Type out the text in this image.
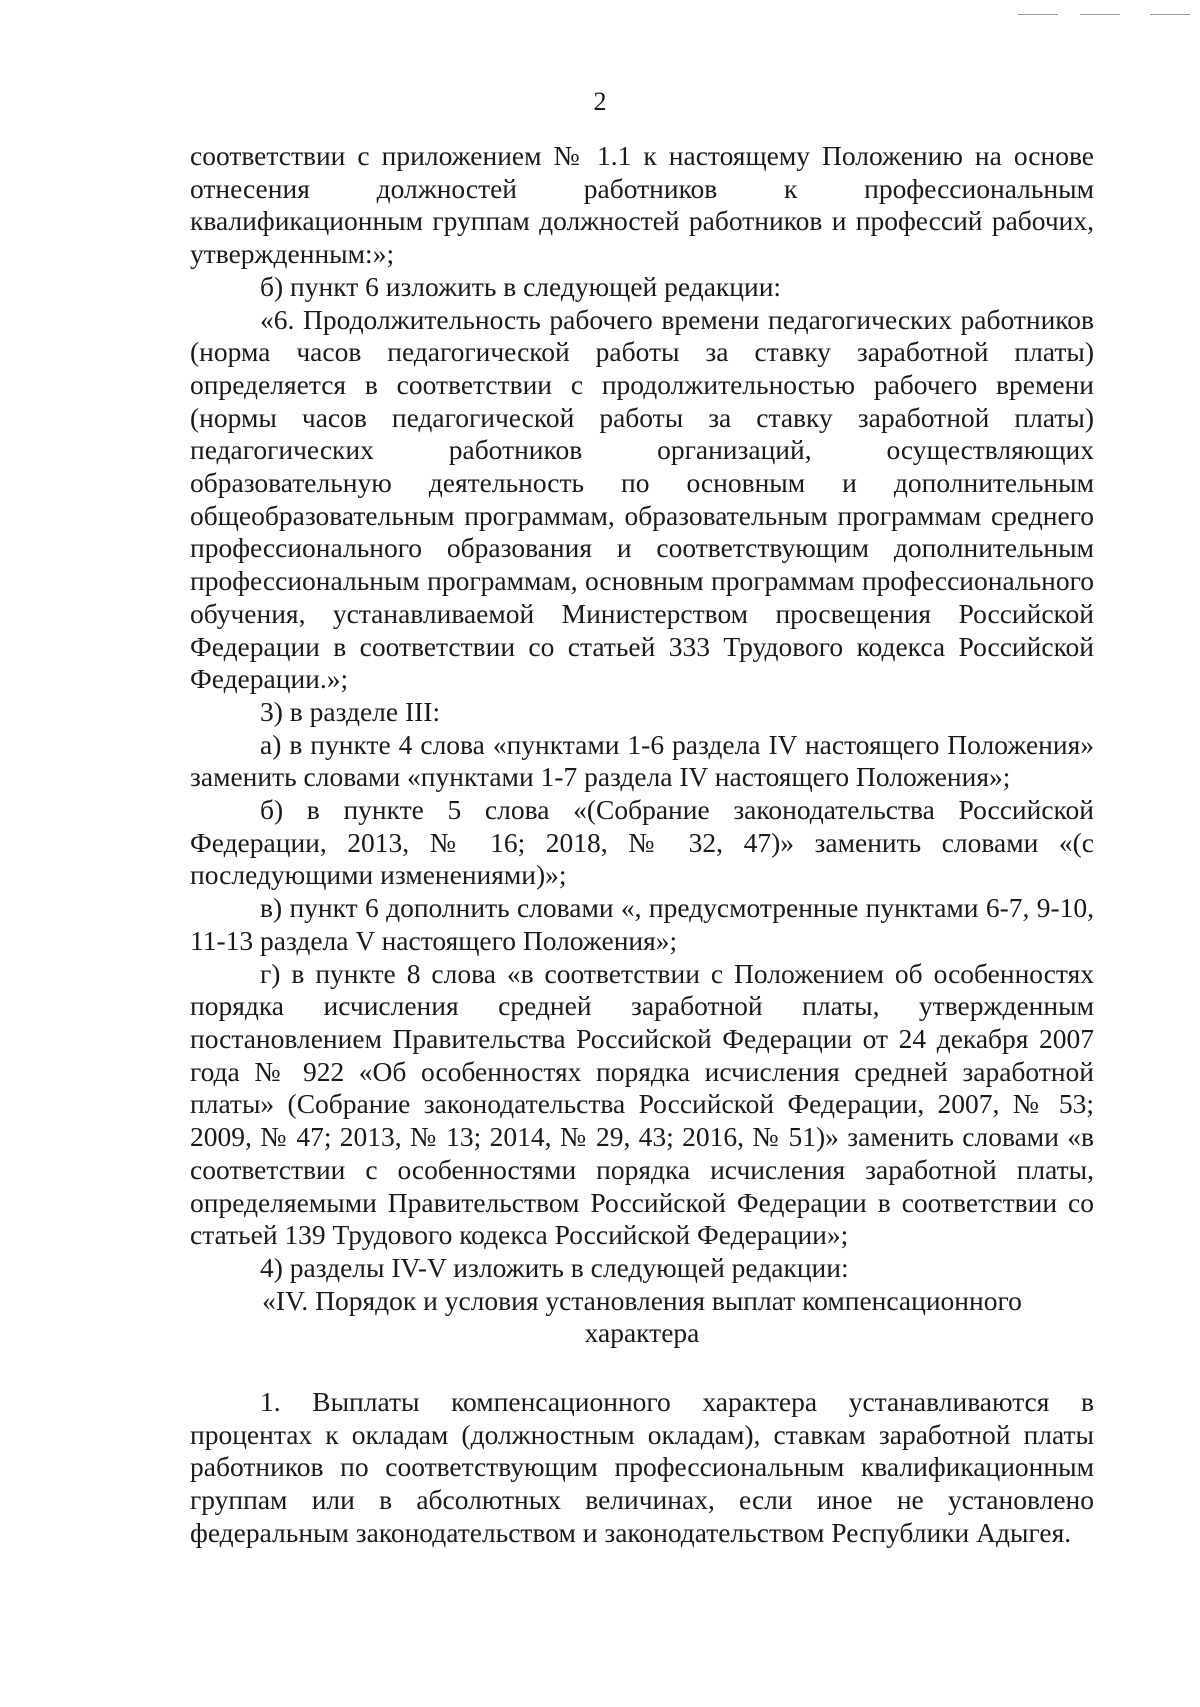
2

соответствии с приложением № 1.1 к настоящему Положению на основе отнесения должностей работников к профессиональным квалификационным группам должностей работников и профессий рабочих, утвержденным:»;

б) пункт 6 изложить в следующей редакции:

«6. Продолжительность рабочего времени педагогических работников (норма часов педагогической работы за ставку заработной платы) определяется в соответствии с продолжительностью рабочего времени (нормы часов педагогической работы за ставку заработной платы) педагогических работников организаций, осуществляющих образовательную деятельность по основным и дополнительным общеобразовательным программам, образовательным программам среднего профессионального образования и соответствующим дополнительным профессиональным программам, основным программам профессионального обучения, устанавливаемой Министерством просвещения Российской Федерации в соответствии со статьей 333 Трудового кодекса Российской Федерации.»;

3) в разделе III:

а) в пункте 4 слова «пунктами 1-6 раздела IV настоящего Положения» заменить словами «пунктами 1-7 раздела IV настоящего Положения»;

б) в пункте 5 слова «(Собрание законодательства Российской Федерации, 2013, № 16; 2018, № 32, 47)» заменить словами «(с последующими изменениями)»;

в) пункт 6 дополнить словами «, предусмотренные пунктами 6-7, 9-10, 11-13 раздела V настоящего Положения»;

г) в пункте 8 слова «в соответствии с Положением об особенностях порядка исчисления средней заработной платы, утвержденным постановлением Правительства Российской Федерации от 24 декабря 2007 года № 922 «Об особенностях порядка исчисления средней заработной платы» (Собрание законодательства Российской Федерации, 2007, № 53; 2009, № 47; 2013, № 13; 2014, № 29, 43; 2016, № 51)» заменить словами «в соответствии с особенностями порядка исчисления заработной платы, определяемыми Правительством Российской Федерации в соответствии со статьей 139 Трудового кодекса Российской Федерации»;

4) разделы IV-V изложить в следующей редакции:

«IV. Порядок и условия установления выплат компенсационного

характера

1. Выплаты компенсационного характера устанавливаются в процентах к окладам (должностным окладам), ставкам заработной платы работников по соответствующим профессиональным квалификационным группам или в абсолютных величинах, если иное не установлено федеральным законодательством и законодательством Республики Адыгея.
